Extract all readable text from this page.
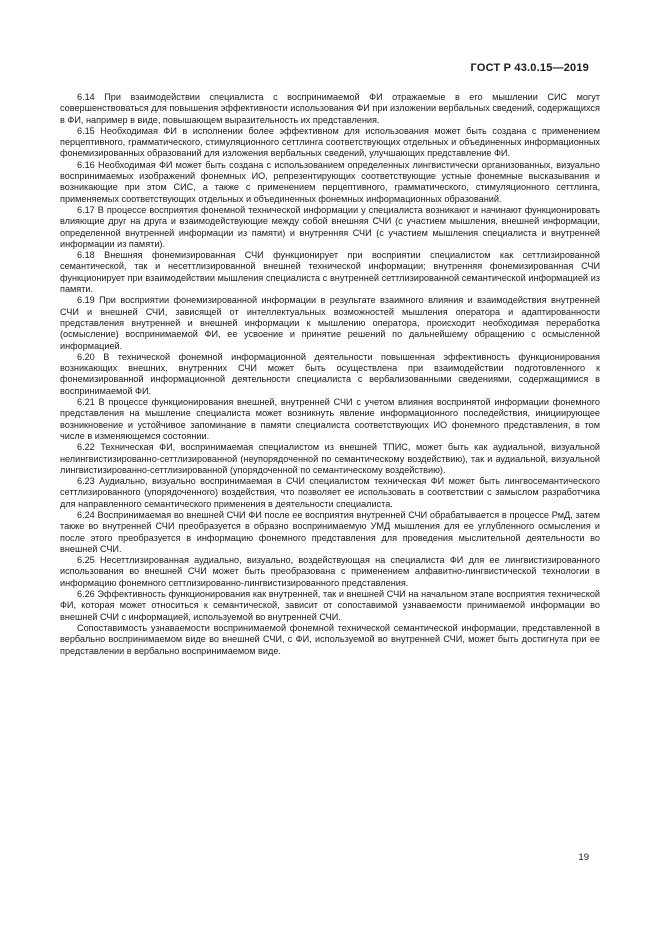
ГОСТ Р 43.0.15—2019

6.14 При взаимодействии специалиста с воспринимаемой ФИ отражаемые в его мышлении СИС могут совершенствоваться для повышения эффективности использования ФИ при изложении вербальных сведений, содержащихся в ФИ, например в виде, повышающем выразительность их представления.

6.15 Необходимая ФИ в исполнении более эффективном для использования может быть создана с применением перцептивного, грамматического, стимуляционного сеттлинга соответствующих отдельных и объединенных информационных фонемизированных образований для изложения вербальных сведений, улучшающих представление ФИ.

6.16 Необходимая ФИ может быть создана с использованием определенных лингвистически организованных, визуально воспринимаемых изображений фонемных ИО, репрезентирующих соответствующие устные фонемные высказывания и возникающие при этом СИС, а также с применением перцептивного, грамматического, стимуляционного сеттлинга, применяемых соответствующих отдельных и объединенных фонемных информационных образований.

6.17 В процессе восприятия фонемной технической информации у специалиста возникают и начинают функционировать влияющие друг на друга и взаимодействующие между собой внешняя СЧИ (с участием мышления, внешней информации, определенной внутренней информации из памяти) и внутренняя СЧИ (с участием мышления специалиста и внутренней информации из памяти).

6.18 Внешняя фонемизированная СЧИ функционирует при восприятии специалистом как сеттлизированной семантической, так и несеттлизированной внешней технической информации; внутренняя фонемизированная СЧИ функционирует при взаимодействии мышления специалиста с внутренней сеттлизированной семантической информацией из памяти.

6.19 При восприятии фонемизированной информации в результате взаимного влияния и взаимодействия внутренней СЧИ и внешней СЧИ, зависящей от интеллектуальных возможностей мышления оператора и адаптированности представления внутренней и внешней информации к мышлению оператора, происходит необходимая переработка (осмысление) воспринимаемой ФИ, ее усвоение и принятие решений по дальнейшему обращению с осмысленной информацией.

6.20 В технической фонемной информационной деятельности повышенная эффективность функционирования возникающих внешних, внутренних СЧИ может быть осуществлена при взаимодействии подготовленного к фонемизированной информационной деятельности специалиста с вербализованными сведениями, содержащимися в воспринимаемой ФИ.

6.21 В процессе функционирования внешней, внутренней СЧИ с учетом влияния воспринятой информации фонемного представления на мышление специалиста может возникнуть явление информационного последействия, инициирующее возникновение и устойчивое запоминание в памяти специалиста соответствующих ИО фонемного представления, в том числе в изменяющемся состоянии.

6.22 Техническая ФИ, воспринимаемая специалистом из внешней ТПИС, может быть как аудиальной, визуальной нелингвистизированно-сеттлизированной (неупорядоченной по семантическому воздействию), так и аудиальной, визуальной лингвистизированно-сеттлизированной (упорядоченной по семантическому воздействию).

6.23 Аудиально, визуально воспринимаемая в СЧИ специалистом техническая ФИ может быть лингвосемантического сеттлизированного (упорядоченного) воздействия, что позволяет ее использовать в соответствии с замыслом разработчика для направленного семантического применения в деятельности специалиста.

6.24 Воспринимаемая во внешней СЧИ ФИ после ее восприятия внутренней СЧИ обрабатывается в процессе РмД, затем также во внутренней СЧИ преобразуется в образно воспринимаемую УМД мышления для ее углубленного осмысления и после этого преобразуется в информацию фонемного представления для проведения мыслительной деятельности во внешней СЧИ.

6.25 Несеттлизированная аудиально, визуально, воздействующая на специалиста ФИ для ее лингвистизированного использования во внешней СЧИ может быть преобразована с применением алфавитно-лингвистической технологии в информацию фонемного сеттлизированно-лингвистизированного представления.

6.26 Эффективность функционирования как внутренней, так и внешней СЧИ на начальном этапе восприятия технической ФИ, которая может относиться к семантической, зависит от сопоставимой узнаваемости принимаемой информации во внешней СЧИ с информацией, используемой во внутренней СЧИ.

Сопоставимость узнаваемости воспринимаемой фонемной технической семантической информации, представленной в вербально воспринимаемом виде во внешней СЧИ, с ФИ, используемой во внутренней СЧИ, может быть достигнута при ее представлении в вербально воспринимаемом виде.

19
